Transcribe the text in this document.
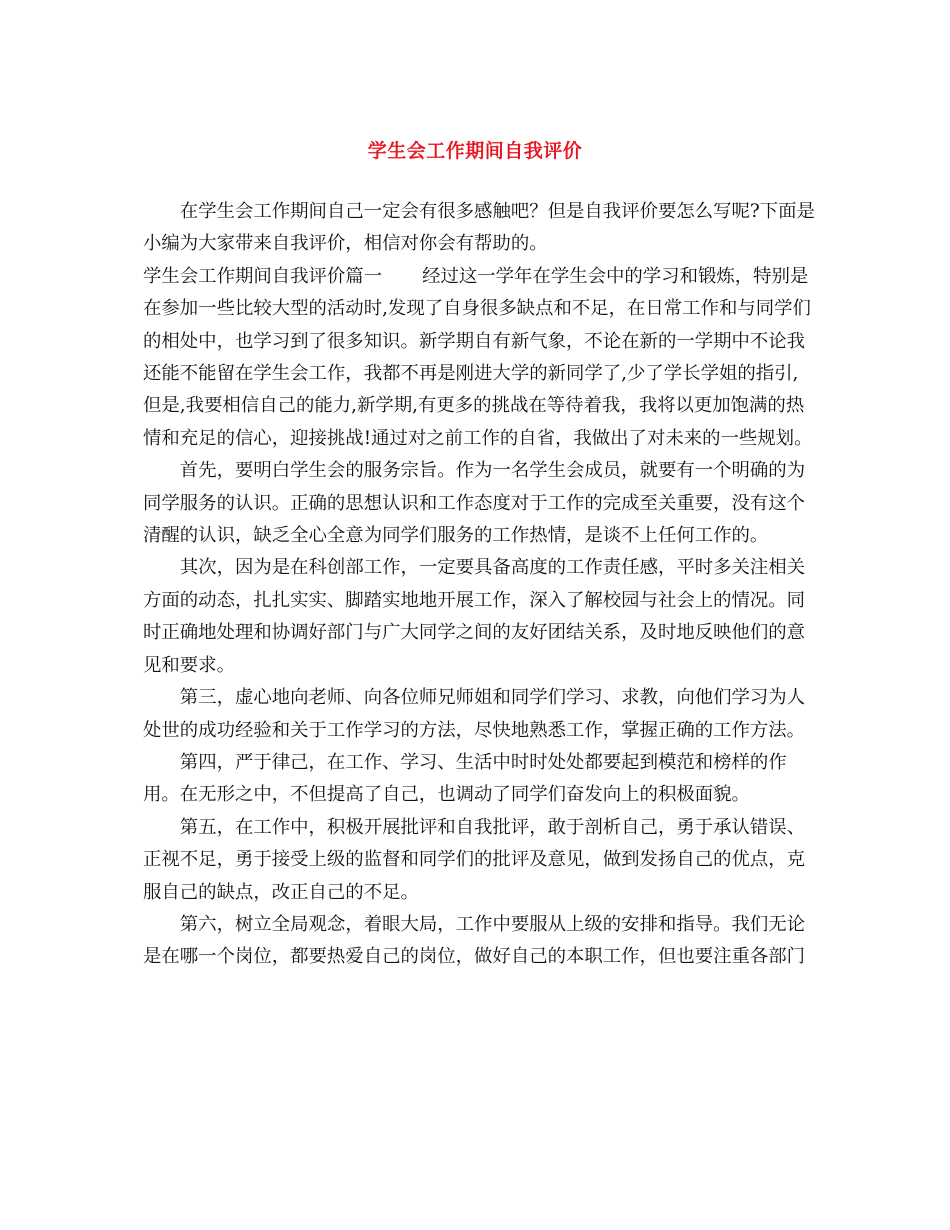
学生会工作期间自我评价

在学生会工作期间自己一定会有很多感触吧？但是自我评价要怎么写呢?下面是小编为大家带来自我评价，相信对你会有帮助的。

学生会工作期间自我评价篇一 经过这一学年在学生会中的学习和锻炼，特别是在参加一些比较大型的活动时,发现了自身很多缺点和不足，在日常工作和与同学们的相处中，也学习到了很多知识。新学期自有新气象，不论在新的一学期中不论我还能不能留在学生会工作，我都不再是刚进大学的新同学了,少了学长学姐的指引,但是,我要相信自己的能力,新学期,有更多的挑战在等待着我，我将以更加饱满的热情和充足的信心，迎接挑战!通过对之前工作的自省，我做出了对未来的一些规划。

首先，要明白学生会的服务宗旨。作为一名学生会成员，就要有一个明确的为同学服务的认识。正确的思想认识和工作态度对于工作的完成至关重要，没有这个清醒的认识，缺乏全心全意为同学们服务的工作热情，是谈不上任何工作的。

其次，因为是在科创部工作，一定要具备高度的工作责任感，平时多关注相关方面的动态，扎扎实实、脚踏实地地开展工作，深入了解校园与社会上的情况。同时正确地处理和协调好部门与广大同学之间的友好团结关系，及时地反映他们的意见和要求。

第三，虚心地向老师、向各位师兄师姐和同学们学习、求教，向他们学习为人处世的成功经验和关于工作学习的方法，尽快地熟悉工作，掌握正确的工作方法。

第四，严于律己，在工作、学习、生活中时时处处都要起到模范和榜样的作用。在无形之中，不但提高了自己，也调动了同学们奋发向上的积极面貌。

第五，在工作中，积极开展批评和自我批评，敢于剖析自己，勇于承认错误、正视不足，勇于接受上级的监督和同学们的批评及意见，做到发扬自己的优点，克服自己的缺点，改正自己的不足。

第六，树立全局观念，着眼大局，工作中要服从上级的安排和指导。我们无论是在哪一个岗位，都要热爱自己的岗位，做好自己的本职工作，但也要注重各部门
